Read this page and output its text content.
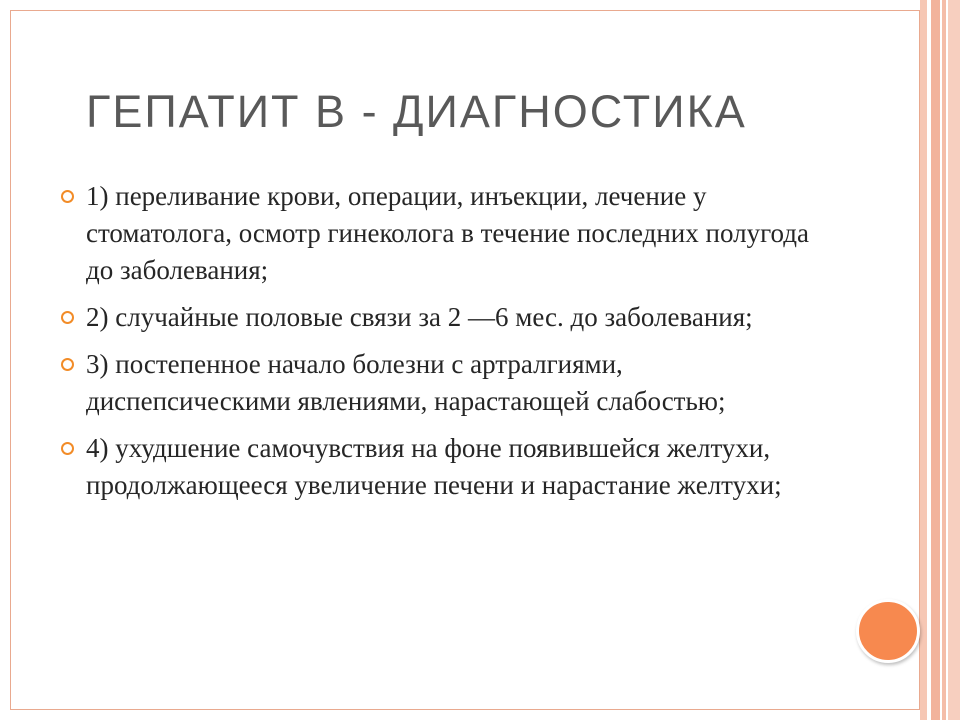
ГЕПАТИТ В - ДИАГНОСТИКА
1) переливание крови, операции, инъекции, лечение у стоматолога, осмотр гинеколога в течение последних полугода до заболевания;
2) случайные половые связи за 2 —6 мес. до заболевания;
3) постепенное начало болезни с артралгиями, диспепсическими явлениями, нарастающей слабостью;
4) ухудшение самочувствия на фоне появившейся желтухи, продолжающееся увеличение печени и нарастание желтухи;
